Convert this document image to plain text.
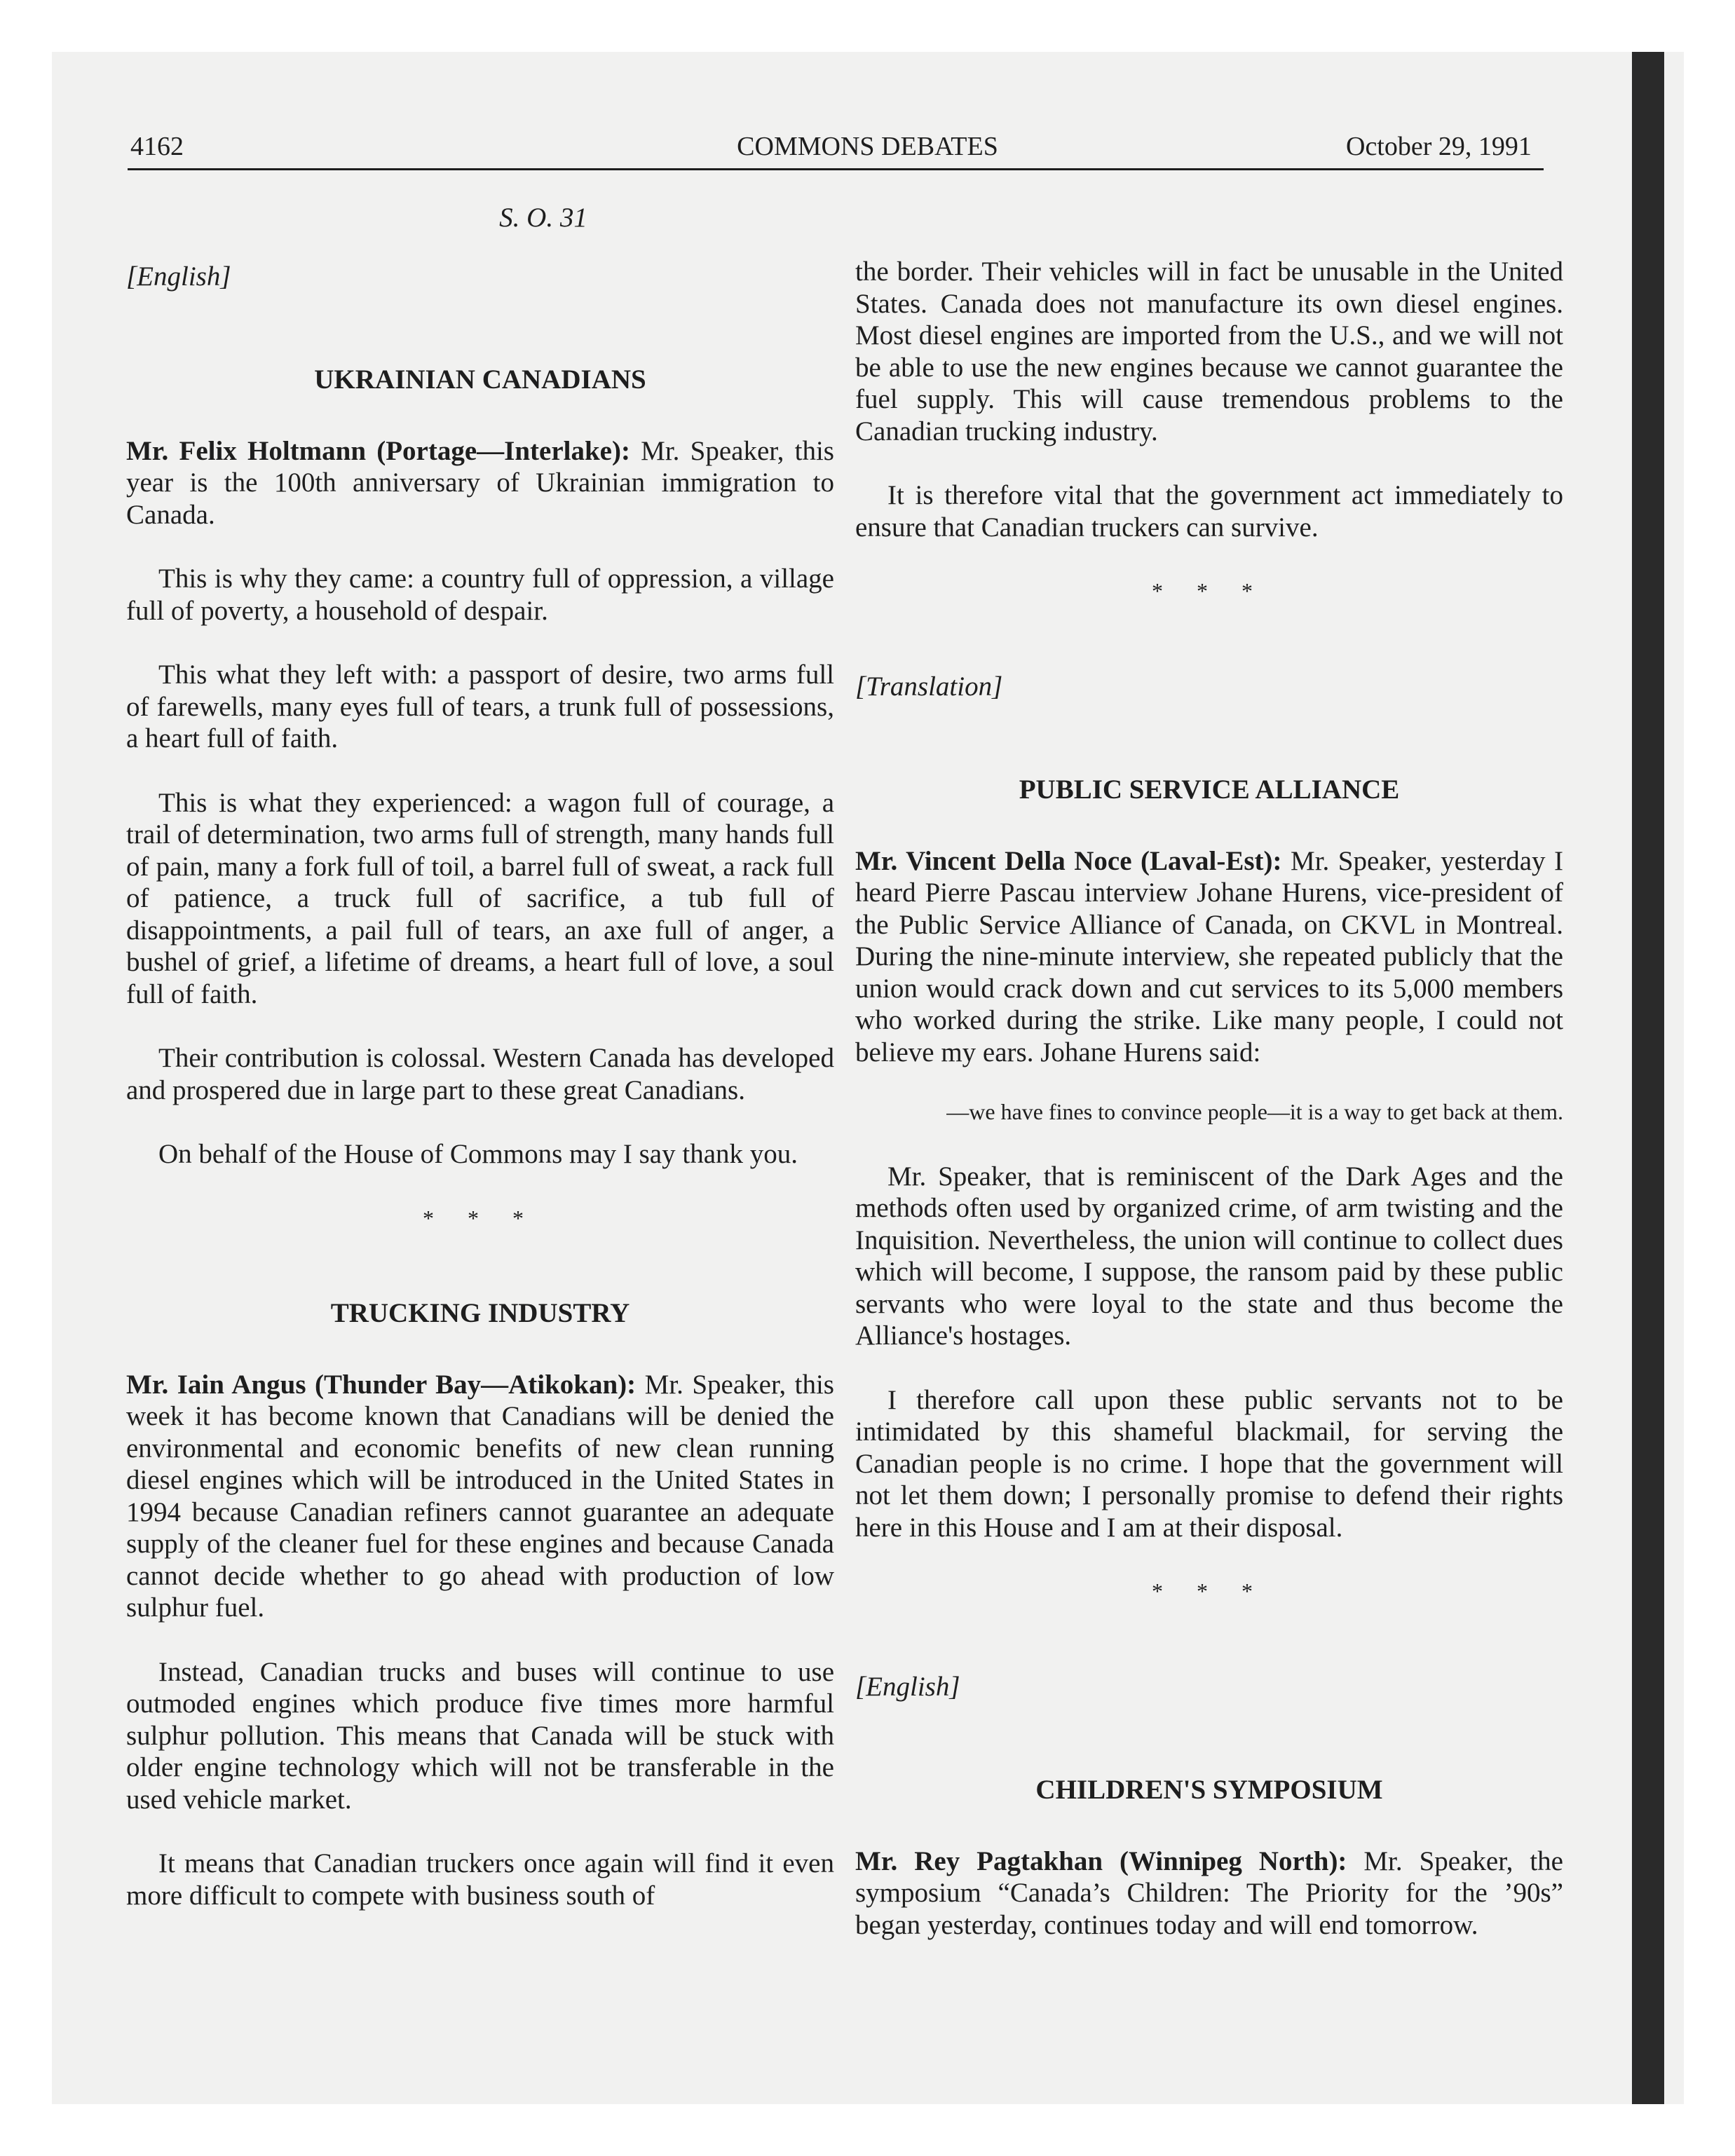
4162	COMMONS DEBATES	October 29, 1991
S. O. 31
[English]
UKRAINIAN CANADIANS
Mr. Felix Holtmann (Portage—Interlake): Mr. Speaker, this year is the 100th anniversary of Ukrainian immigration to Canada.
This is why they came: a country full of oppression, a village full of poverty, a household of despair.
This what they left with: a passport of desire, two arms full of farewells, many eyes full of tears, a trunk full of possessions, a heart full of faith.
This is what they experienced: a wagon full of courage, a trail of determination, two arms full of strength, many hands full of pain, many a fork full of toil, a barrel full of sweat, a rack full of patience, a truck full of sacrifice, a tub full of disappointments, a pail full of tears, an axe full of anger, a bushel of grief, a lifetime of dreams, a heart full of love, a soul full of faith.
Their contribution is colossal. Western Canada has developed and prospered due in large part to these great Canadians.
On behalf of the House of Commons may I say thank you.
* * *
TRUCKING INDUSTRY
Mr. Iain Angus (Thunder Bay—Atikokan): Mr. Speaker, this week it has become known that Canadians will be denied the environmental and economic benefits of new clean running diesel engines which will be introduced in the United States in 1994 because Canadian refiners cannot guarantee an adequate supply of the cleaner fuel for these engines and because Canada cannot decide whether to go ahead with production of low sulphur fuel.
Instead, Canadian trucks and buses will continue to use outmoded engines which produce five times more harmful sulphur pollution. This means that Canada will be stuck with older engine technology which will not be transferable in the used vehicle market.
It means that Canadian truckers once again will find it even more difficult to compete with business south of
the border. Their vehicles will in fact be unusable in the United States. Canada does not manufacture its own diesel engines. Most diesel engines are imported from the U.S., and we will not be able to use the new engines because we cannot guarantee the fuel supply. This will cause tremendous problems to the Canadian trucking industry.
It is therefore vital that the government act immediately to ensure that Canadian truckers can survive.
* * *
[Translation]
PUBLIC SERVICE ALLIANCE
Mr. Vincent Della Noce (Laval-Est): Mr. Speaker, yesterday I heard Pierre Pascau interview Johane Hurens, vice-president of the Public Service Alliance of Canada, on CKVL in Montreal. During the nine-minute interview, she repeated publicly that the union would crack down and cut services to its 5,000 members who worked during the strike. Like many people, I could not believe my ears. Johane Hurens said:
—we have fines to convince people—it is a way to get back at them.
Mr. Speaker, that is reminiscent of the Dark Ages and the methods often used by organized crime, of arm twisting and the Inquisition. Nevertheless, the union will continue to collect dues which will become, I suppose, the ransom paid by these public servants who were loyal to the state and thus become the Alliance's hostages.
I therefore call upon these public servants not to be intimidated by this shameful blackmail, for serving the Canadian people is no crime. I hope that the government will not let them down; I personally promise to defend their rights here in this House and I am at their disposal.
* * *
[English]
CHILDREN'S SYMPOSIUM
Mr. Rey Pagtakhan (Winnipeg North): Mr. Speaker, the symposium “Canada’s Children: The Priority for the ’90s” began yesterday, continues today and will end tomorrow.
